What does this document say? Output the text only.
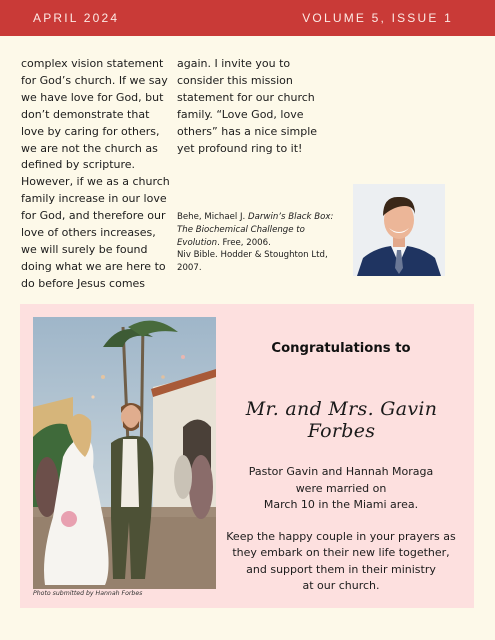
APRIL 2024	VOLUME 5, ISSUE 1

complex vision statement

for God’s church. If we say

we have love for God, but

don’t demonstrate that

love by caring for others,

we are not the church as

defined by scripture.

However, if we as a church

family increase in our love

for God, and therefore our

love of others increases,

we will surely be found

doing what we are here to

do before Jesus comes

again. I invite you to

consider this mission

statement for our church

family. “Love God, love

others” has a nice simple

yet profound ring to it!

Behe, Michael J. Darwin’s Black Box: The Biochemical Challenge to Evolution. Free, 2006.

Niv Bible. Hodder & Stoughton Ltd, 2007.

Photo submitted by Hannah Forbes
Congratulations to
Mr. and Mrs. Gavin Forbes

Pastor Gavin and Hannah Moraga

were married on

March 10 in the Miami area.

Keep the happy couple in your prayers as

they embark on their new life together,

and support them in their ministry

at our church.
